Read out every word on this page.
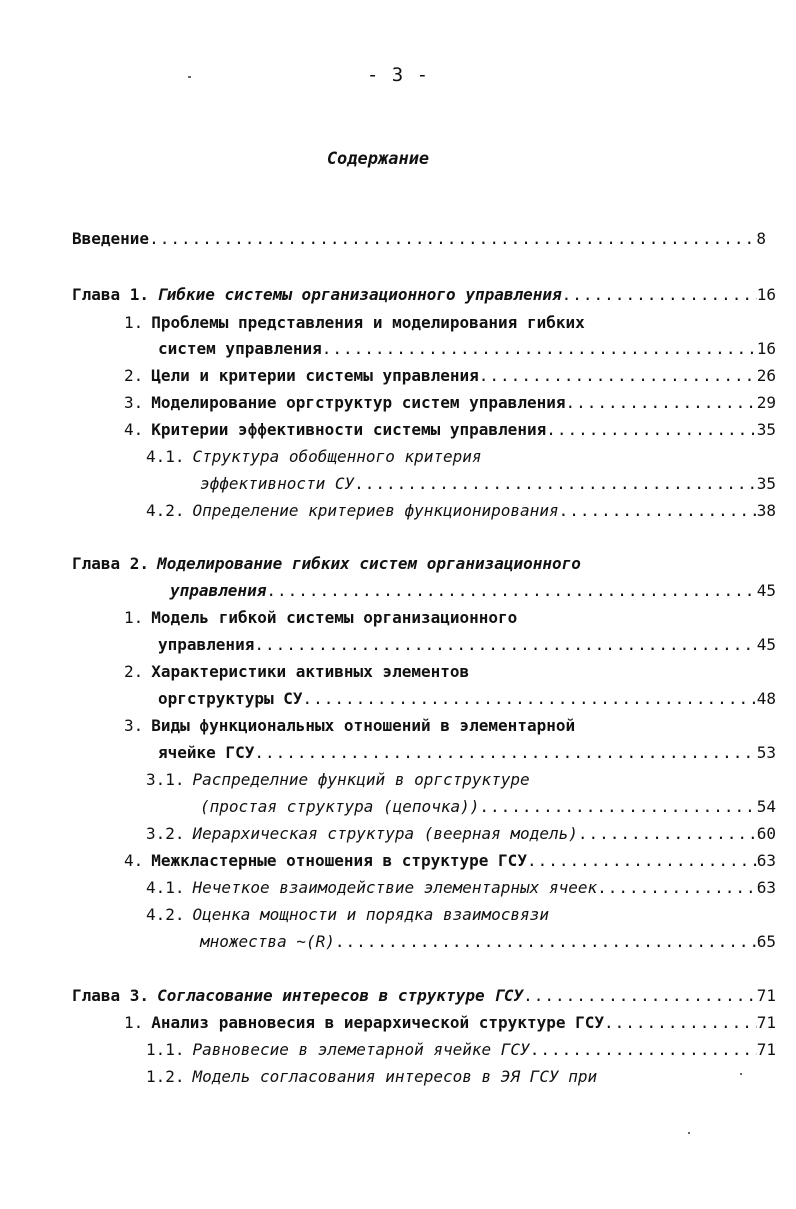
- 3 -
Содержание
Введение .....	8
Глава 1. Гибкие системы организационного управления .....	16
1. Проблемы представления и моделирования гибких
систем управления .....	16
2. Цели и критерии системы управления .....	26
3. Моделирование оргструктур систем управления .....	29
4. Критерии эффективности системы управления .....	35
4.1. Структура обобщенного критерия
эффективности СУ .....	35
4.2. Определение критериев функционирования .....	38
Глава 2. Моделирование гибких систем организационного
управления .....	45
1. Модель гибкой системы организационного
управления .....	45
2. Характеристики активных элементов
оргструктуры СУ .....	48
3. Виды функциональных отношений в элементарной
ячейке ГСУ .....	53
3.1. Распределние функций в оргструктуре
(простая структура (цепочка)) .....	54
3.2. Иерархическая структура (веерная модель) .....	60
4. Межкластерные отношения в структуре ГСУ .....	63
4.1. Нечеткое взаимодействие элементарных ячеек .....	63
4.2. Оценка мощности и порядка взаимосвязи
множества ~(R) .....	65
Глава 3. Согласование интересов в структуре ГСУ .....	71
1. Анализ равновесия в иерархической структуре ГСУ .....	71
1.1. Равновесие в элеметарной ячейке ГСУ .....	71
1.2. Модель согласования интересов в ЭЯ ГСУ при
